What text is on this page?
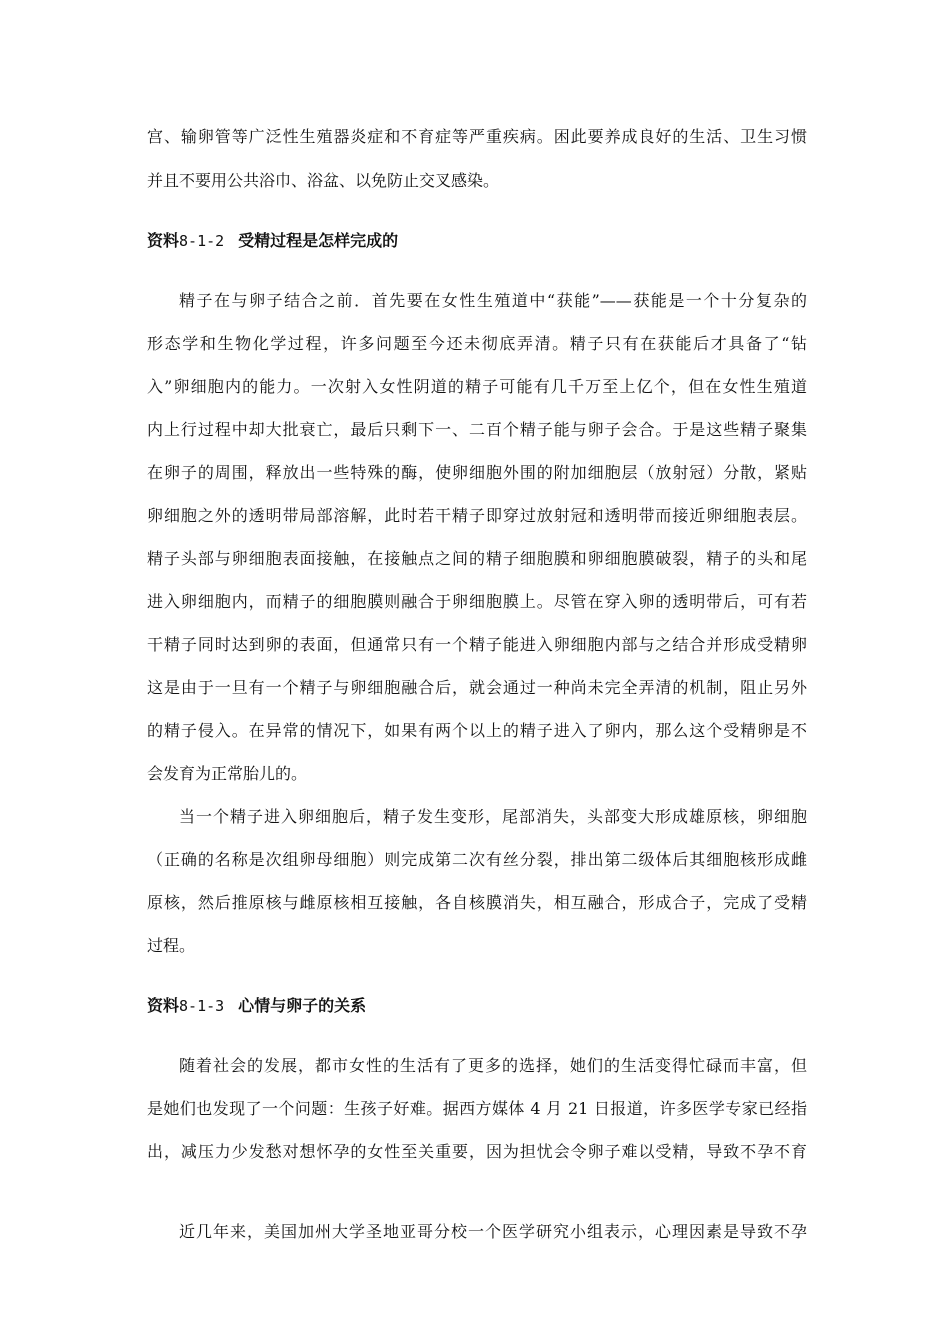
宫、输卵管等广泛性生殖器炎症和不育症等严重疾病。困此要养成良好的生活、卫生习惯
并且不要用公共浴巾、浴盆、以免防止交叉感染。
资料8-1-2 受精过程是怎样完成的
精子在与卵子结合之前．首先要在女性生殖道中“获能”——获能是一个十分复杂的
形态学和生物化学过程，许多问题至今还未彻底弄清。精子只有在获能后才具备了“钻
入”卵细胞内的能力。一次射入女性阴道的精子可能有几千万至上亿个，但在女性生殖道
内上行过程中却大批衰亡，最后只剩下一、二百个精子能与卵子会合。于是这些精子聚集
在卵子的周围，释放出一些特殊的酶，使卵细胞外围的附加细胞层（放射冠）分散，紧贴
卵细胞之外的透明带局部溶解，此时若干精子即穿过放射冠和透明带而接近卵细胞表层。
精子头部与卵细胞表面接触，在接触点之间的精子细胞膜和卵细胞膜破裂，精子的头和尾
进入卵细胞内，而精子的细胞膜则融合于卵细胞膜上。尽管在穿入卵的透明带后，可有若
干精子同时达到卵的表面，但通常只有一个精子能进入卵细胞内部与之结合并形成受精卵
这是由于一旦有一个精子与卵细胞融合后，就会通过一种尚未完全弄清的机制，阻止另外
的精子侵入。在异常的情况下，如果有两个以上的精子进入了卵内，那么这个受精卵是不
会发育为正常胎儿的。
当一个精子进入卵细胞后，精子发生变形，尾部消失，头部变大形成雄原核，卵细胞
（正确的名称是次组卵母细胞）则完成第二次有丝分裂，排出第二级体后其细胞核形成雌
原核，然后推原核与雌原核相互接触，各自核膜消失，相互融合，形成合子，完成了受精
过程。
资料8-1-3 心情与卵子的关系
随着社会的发展，都市女性的生活有了更多的选择，她们的生活变得忙碌而丰富，但
是她们也发现了一个问题：生孩子好难。据西方媒体 4 月 21 日报道，许多医学专家已经指
出，减压力少发愁对想怀孕的女性至关重要，因为担忧会令卵子难以受精，导致不孕不育
近几年来，美国加州大学圣地亚哥分校一个医学研究小组表示，心理因素是导致不孕
